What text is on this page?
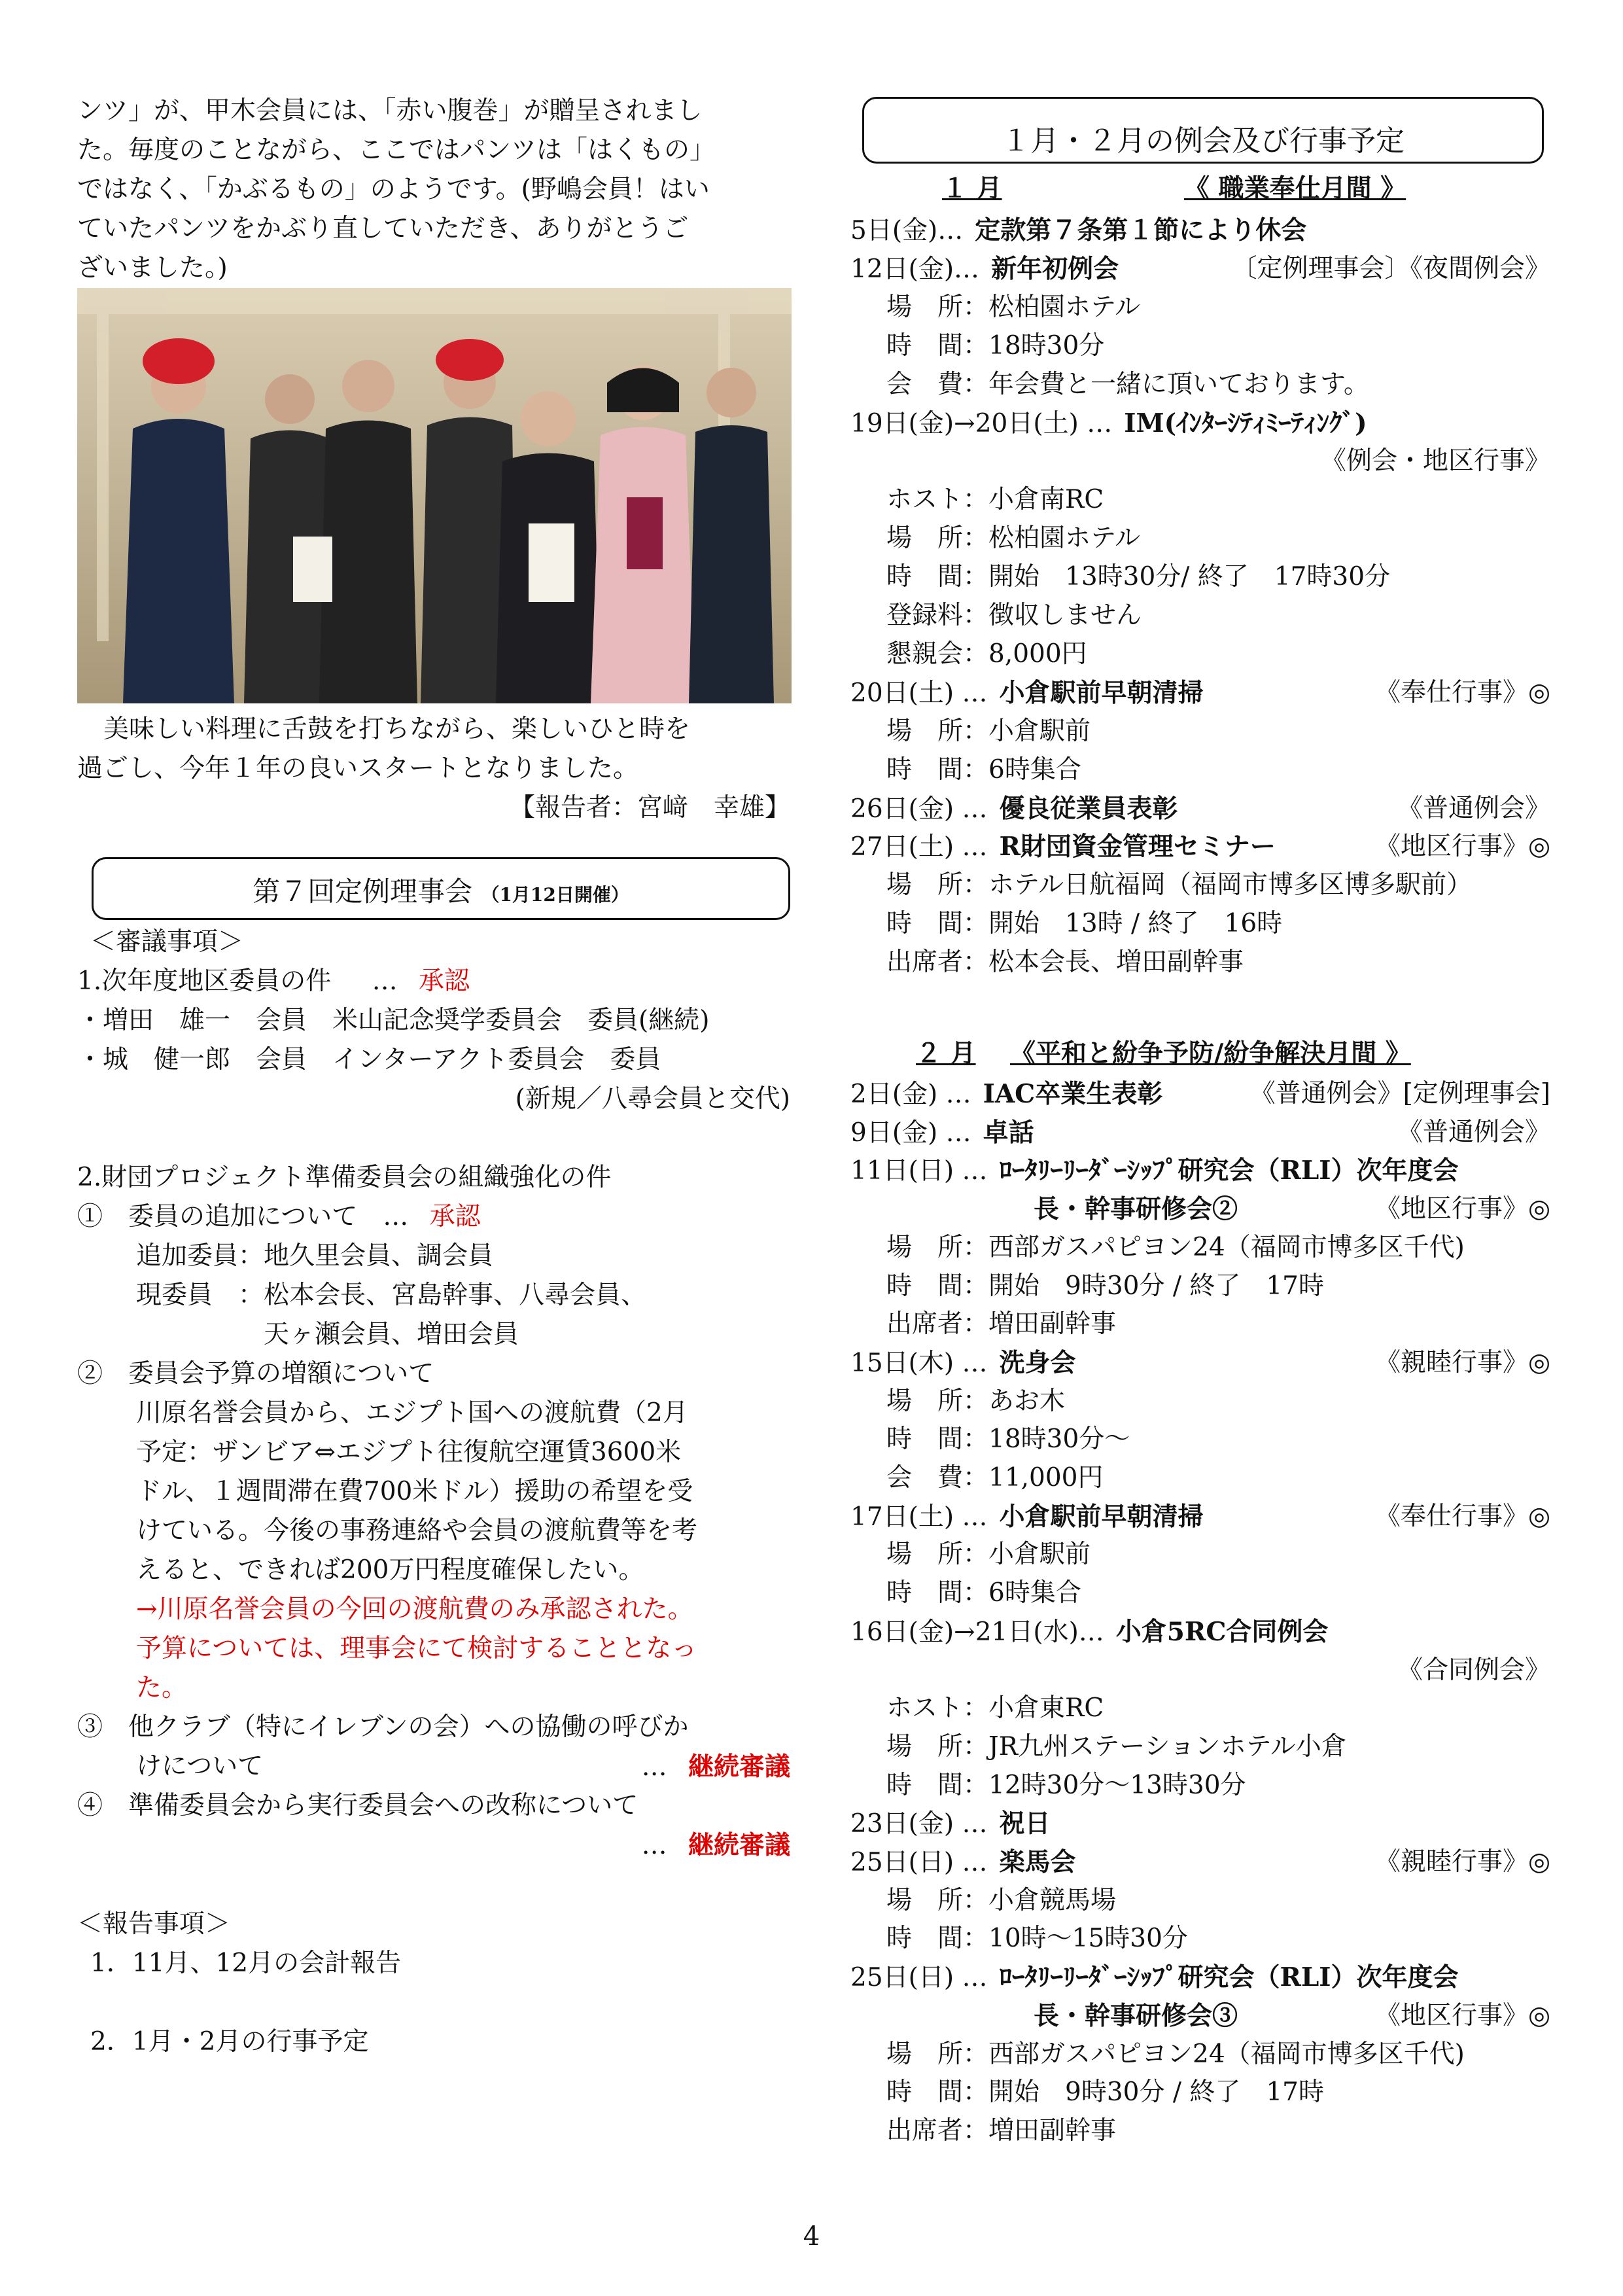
ンツ」が、甲木会員には、「赤い腹巻」が贈呈されまし
た。毎度のことながら、ここではパンツは「はくもの」
ではなく、「かぶるもの」のようです。(野嶋会員！はい
ていたパンツをかぶり直していただき、ありがとうご
ざいました。)
美味しい料理に舌鼓を打ちながら、楽しいひと時を
過ごし、今年１年の良いスタートとなりました。
【報告者：宮﨑　幸雄】
第７回定例理事会 （1月12日開催）
＜審議事項＞
1.次年度地区委員の件 … 承認
・増田　雄一　会員　米山記念奨学委員会　委員(継続)
・城　健一郎　会員　インターアクト委員会　委員
(新規／八尋会員と交代)

2.財団プロジェクト準備委員会の組織強化の件
①　委員の追加について　… 承認
追加委員：地久里会員、調会員
現委員　：松本会長、宮島幹事、八尋会員、
　　　　　天ヶ瀬会員、増田会員
②　委員会予算の増額について
川原名誉会員から、エジプト国への渡航費（2月
予定：ザンビア⇔エジプト往復航空運賃3600米
ドル、１週間滞在費700米ドル）援助の希望を受
けている。今後の事務連絡や会員の渡航費等を考
えると、できれば200万円程度確保したい。
→川原名誉会員の今回の渡航費のみ承認された。
予算については、理事会にて検討することとなっ
た。
③　他クラブ（特にイレブンの会）への協働の呼びか
けについて	… 継続審議
④　準備委員会から実行委員会への改称について
… 継続審議

＜報告事項＞
1．11月、12月の会計報告

2．1月・2月の行事予定
１月・２月の例会及び行事予定
１ 月	《 職業奉仕月間 》
5日(金)… 定款第７条第１節により休会
12日(金)… 新年初例会	〔定例理事会〕《夜間例会》
場　所：松柏園ホテル
時　間：18時30分
会　費：年会費と一緒に頂いております。
19日(金)→20日(土) … IM(ｲﾝﾀｰｼﾃｨﾐｰﾃｨﾝｸﾞ)
《例会・地区行事》
ホスト：小倉南RC
場　所：松柏園ホテル
時　間：開始　13時30分/ 終了　17時30分
登録料：徴収しません
懇親会：8,000円
20日(土) … 小倉駅前早朝清掃	《奉仕行事》◎
場　所：小倉駅前
時　間：6時集合
26日(金) … 優良従業員表彰	《普通例会》
27日(土) … R財団資金管理セミナー	《地区行事》◎
場　所：ホテル日航福岡（福岡市博多区博多駅前）
時　間：開始　13時 / 終了　16時
出席者：松本会長、増田副幹事
２ 月 《平和と紛争予防/紛争解決月間 》
2日(金) … IAC卒業生表彰	《普通例会》[定例理事会]
9日(金) … 卓話	《普通例会》
11日(日) … ﾛｰﾀﾘｰﾘｰﾀﾞｰｼｯﾌﾟ研究会（RLI）次年度会
長・幹事研修会②	《地区行事》◎
場　所：西部ガスパピヨン24（福岡市博多区千代)
時　間：開始　9時30分 / 終了　17時
出席者：増田副幹事
15日(木) … 洗身会	《親睦行事》◎
場　所：あお木
時　間：18時30分～
会　費：11,000円
17日(土) … 小倉駅前早朝清掃	《奉仕行事》◎
場　所：小倉駅前
時　間：6時集合
16日(金)→21日(水)… 小倉5RC合同例会
《合同例会》
ホスト：小倉東RC
場　所：JR九州ステーションホテル小倉
時　間：12時30分～13時30分
23日(金) … 祝日
25日(日) … 楽馬会	《親睦行事》◎
場　所：小倉競馬場
時　間：10時～15時30分
25日(日) … ﾛｰﾀﾘｰﾘｰﾀﾞｰｼｯﾌﾟ研究会（RLI）次年度会
長・幹事研修会③	《地区行事》◎
場　所：西部ガスパピヨン24（福岡市博多区千代)
時　間：開始　9時30分 / 終了　17時
出席者：増田副幹事
4
